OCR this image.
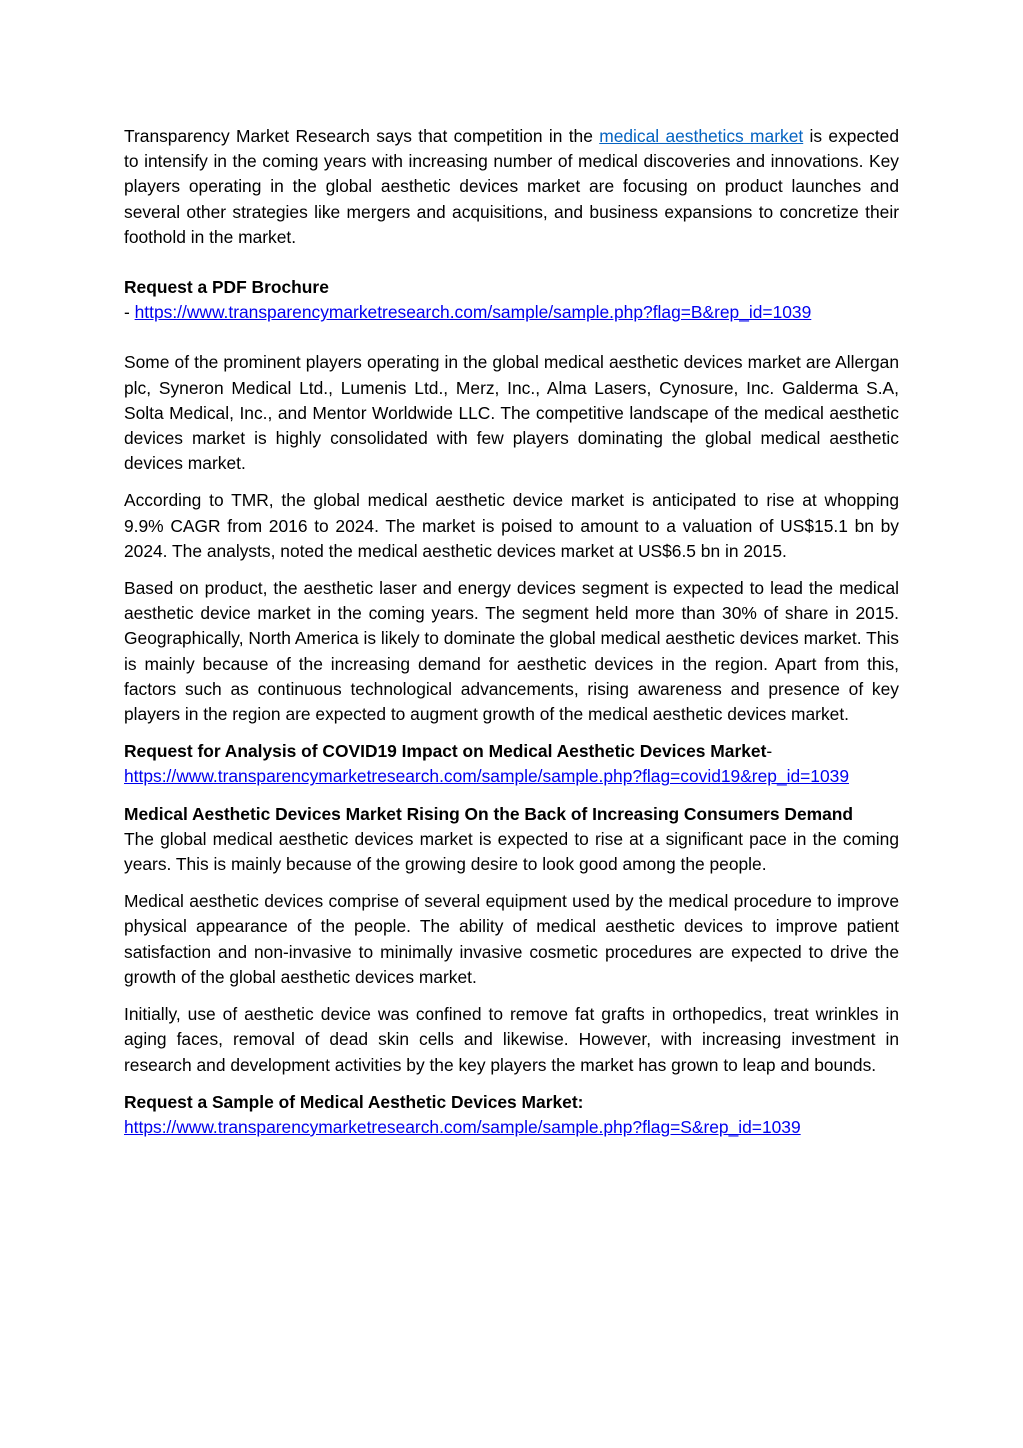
Transparency Market Research says that competition in the medical aesthetics market is expected to intensify in the coming years with increasing number of medical discoveries and innovations. Key players operating in the global aesthetic devices market are focusing on product launches and several other strategies like mergers and acquisitions, and business expansions to concretize their foothold in the market.

Request a PDF Brochure
- https://www.transparencymarketresearch.com/sample/sample.php?flag=B&rep_id=1039

Some of the prominent players operating in the global medical aesthetic devices market are Allergan plc, Syneron Medical Ltd., Lumenis Ltd., Merz, Inc., Alma Lasers, Cynosure, Inc. Galderma S.A, Solta Medical, Inc., and Mentor Worldwide LLC. The competitive landscape of the medical aesthetic devices market is highly consolidated with few players dominating the global medical aesthetic devices market.

According to TMR, the global medical aesthetic device market is anticipated to rise at whopping 9.9% CAGR from 2016 to 2024. The market is poised to amount to a valuation of US$15.1 bn by 2024. The analysts, noted the medical aesthetic devices market at US$6.5 bn in 2015.

Based on product, the aesthetic laser and energy devices segment is expected to lead the medical aesthetic device market in the coming years. The segment held more than 30% of share in 2015. Geographically, North America is likely to dominate the global medical aesthetic devices market. This is mainly because of the increasing demand for aesthetic devices in the region. Apart from this, factors such as continuous technological advancements, rising awareness and presence of key players in the region are expected to augment growth of the medical aesthetic devices market.

Request for Analysis of COVID19 Impact on Medical Aesthetic Devices Market-
https://www.transparencymarketresearch.com/sample/sample.php?flag=covid19&rep_id=1039
Medical Aesthetic Devices Market Rising On the Back of Increasing Consumers Demand

The global medical aesthetic devices market is expected to rise at a significant pace in the coming years. This is mainly because of the growing desire to look good among the people.

Medical aesthetic devices comprise of several equipment used by the medical procedure to improve physical appearance of the people. The ability of medical aesthetic devices to improve patient satisfaction and non-invasive to minimally invasive cosmetic procedures are expected to drive the growth of the global aesthetic devices market.

Initially, use of aesthetic device was confined to remove fat grafts in orthopedics, treat wrinkles in aging faces, removal of dead skin cells and likewise. However, with increasing investment in research and development activities by the key players the market has grown to leap and bounds.

Request a Sample of Medical Aesthetic Devices Market:
https://www.transparencymarketresearch.com/sample/sample.php?flag=S&rep_id=1039
